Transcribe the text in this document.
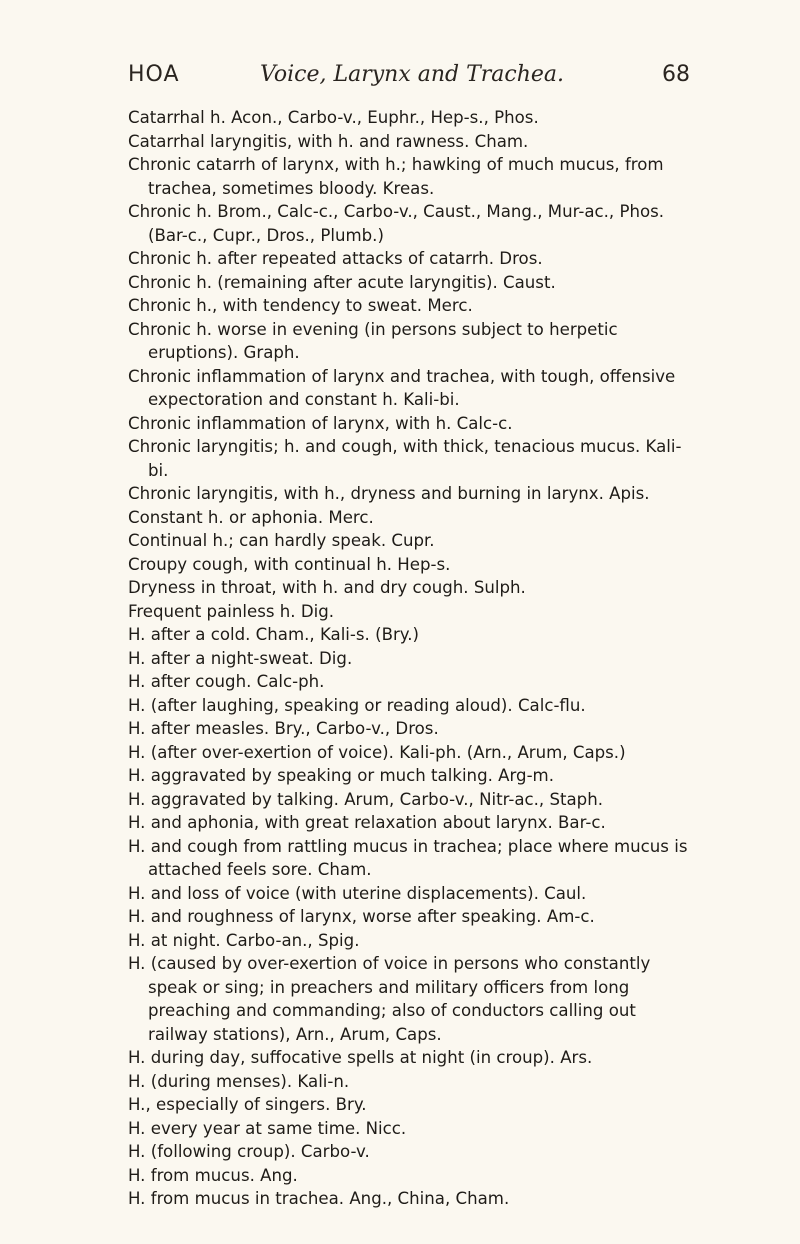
HOA	Voice, Larynx and Trachea.	68

Catarrhal h. Acon., Carbo-v., Euphr., Hep-s., Phos.

Catarrhal laryngitis, with h. and rawness. Cham.

Chronic catarrh of larynx, with h.; hawking of much mucus, from trachea, sometimes bloody. Kreas.

Chronic h. Brom., Calc-c., Carbo-v., Caust., Mang., Mur-ac., Phos. (Bar-c., Cupr., Dros., Plumb.)

Chronic h. after repeated attacks of catarrh. Dros.

Chronic h. (remaining after acute laryngitis). Caust.

Chronic h., with tendency to sweat. Merc.

Chronic h. worse in evening (in persons subject to herpetic eruptions). Graph.

Chronic inflammation of larynx and trachea, with tough, offensive expectoration and constant h. Kali-bi.

Chronic inflammation of larynx, with h. Calc-c.

Chronic laryngitis; h. and cough, with thick, tenacious mucus. Kali-bi.

Chronic laryngitis, with h., dryness and burning in larynx. Apis.

Constant h. or aphonia. Merc.

Continual h.; can hardly speak. Cupr.

Croupy cough, with continual h. Hep-s.

Dryness in throat, with h. and dry cough. Sulph.

Frequent painless h. Dig.

H. after a cold. Cham., Kali-s. (Bry.)

H. after a night-sweat. Dig.

H. after cough. Calc-ph.

H. (after laughing, speaking or reading aloud). Calc-flu.

H. after measles. Bry., Carbo-v., Dros.

H. (after over-exertion of voice). Kali-ph. (Arn., Arum, Caps.)

H. aggravated by speaking or much talking. Arg-m.

H. aggravated by talking. Arum, Carbo-v., Nitr-ac., Staph.

H. and aphonia, with great relaxation about larynx. Bar-c.

H. and cough from rattling mucus in trachea; place where mucus is attached feels sore. Cham.

H. and loss of voice (with uterine displacements). Caul.

H. and roughness of larynx, worse after speaking. Am-c.

H. at night. Carbo-an., Spig.

H. (caused by over-exertion of voice in persons who constantly speak or sing; in preachers and military officers from long preaching and commanding; also of conductors calling out railway stations), Arn., Arum, Caps.

H. during day, suffocative spells at night (in croup). Ars.

H. (during menses). Kali-n.

H., especially of singers. Bry.

H. every year at same time. Nicc.

H. (following croup). Carbo-v.

H. from mucus. Ang.

H. from mucus in trachea. Ang., China, Cham.
